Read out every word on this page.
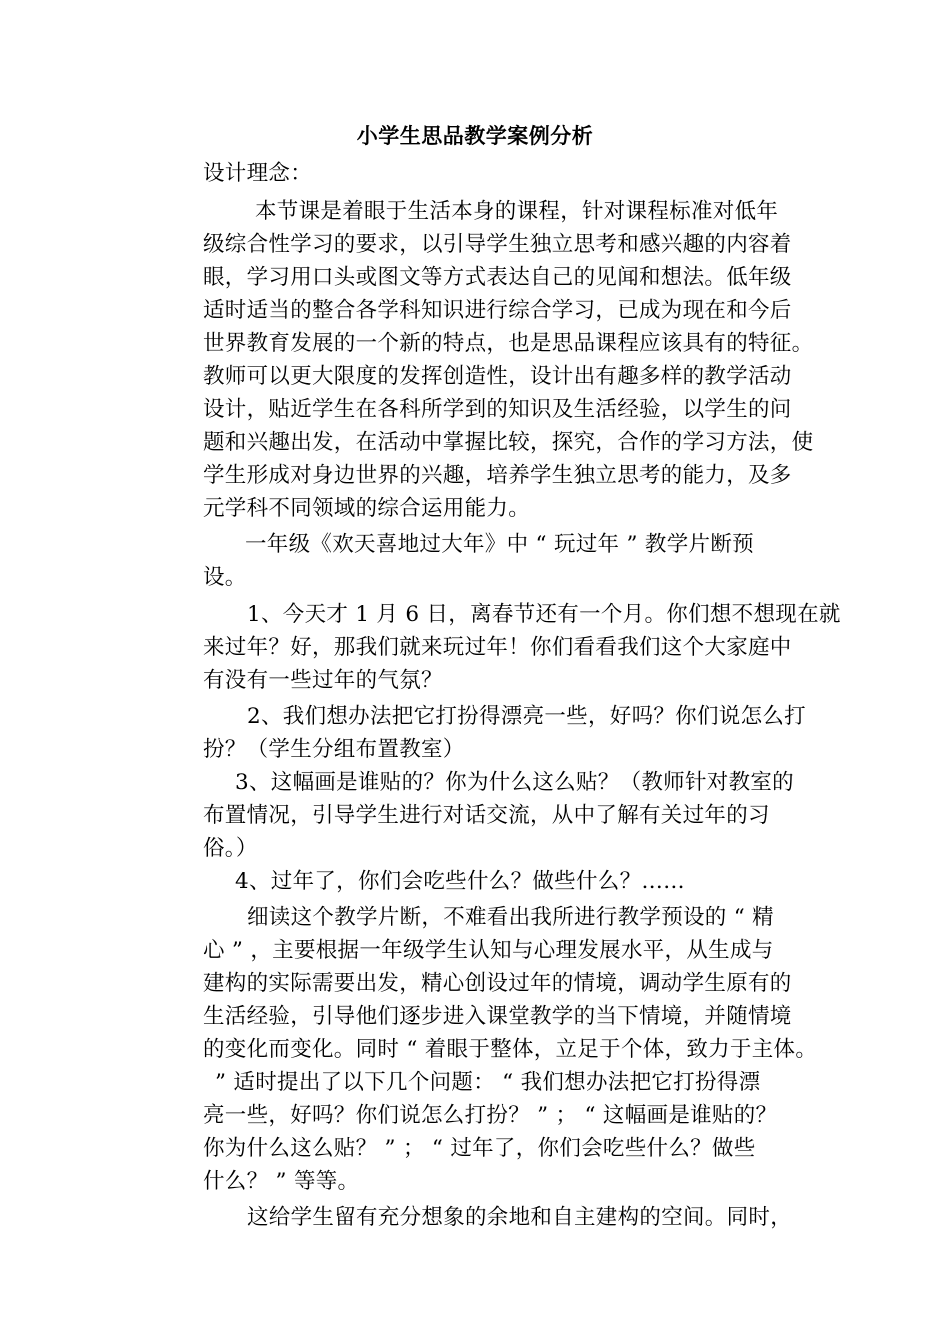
小学生思品教学案例分析
设计理念：
本节课是着眼于生活本身的课程，针对课程标准对低年
级综合性学习的要求，以引导学生独立思考和感兴趣的内容着
眼，学习用口头或图文等方式表达自己的见闻和想法。低年级
适时适当的整合各学科知识进行综合学习，已成为现在和今后
世界教育发展的一个新的特点，也是思品课程应该具有的特征。
教师可以更大限度的发挥创造性，设计出有趣多样的教学活动
设计，贴近学生在各科所学到的知识及生活经验，以学生的问
题和兴趣出发，在活动中掌握比较，探究，合作的学习方法，使
学生形成对身边世界的兴趣，培养学生独立思考的能力，及多
元学科不同领域的综合运用能力。
一年级《欢天喜地过大年》中 “ 玩过年 ” 教学片断预
设。
1、今天才 1 月 6 日，离春节还有一个月。你们想不想现在就
来过年？好，那我们就来玩过年！你们看看我们这个大家庭中
有没有一些过年的气氛？
2、我们想办法把它打扮得漂亮一些，好吗？你们说怎么打
扮？（学生分组布置教室）
3、这幅画是谁贴的？你为什么这么贴？（教师针对教室的
布置情况，引导学生进行对话交流，从中了解有关过年的习
俗。）
4、过年了，你们会吃些什么？做些什么？……
细读这个教学片断，不难看出我所进行教学预设的 “ 精
心 ” ，主要根据一年级学生认知与心理发展水平，从生成与
建构的实际需要出发，精心创设过年的情境，调动学生原有的
生活经验，引导他们逐步进入课堂教学的当下情境，并随情境
的变化而变化。同时 “ 着眼于整体，立足于个体，致力于主体。
” 适时提出了以下几个问题： “ 我们想办法把它打扮得漂
亮一些，好吗？你们说怎么打扮？ ” ； “ 这幅画是谁贴的？
你为什么这么贴？ ” ； “ 过年了，你们会吃些什么？做些
什么？ ” 等等。
这给学生留有充分想象的余地和自主建构的空间。同时，
